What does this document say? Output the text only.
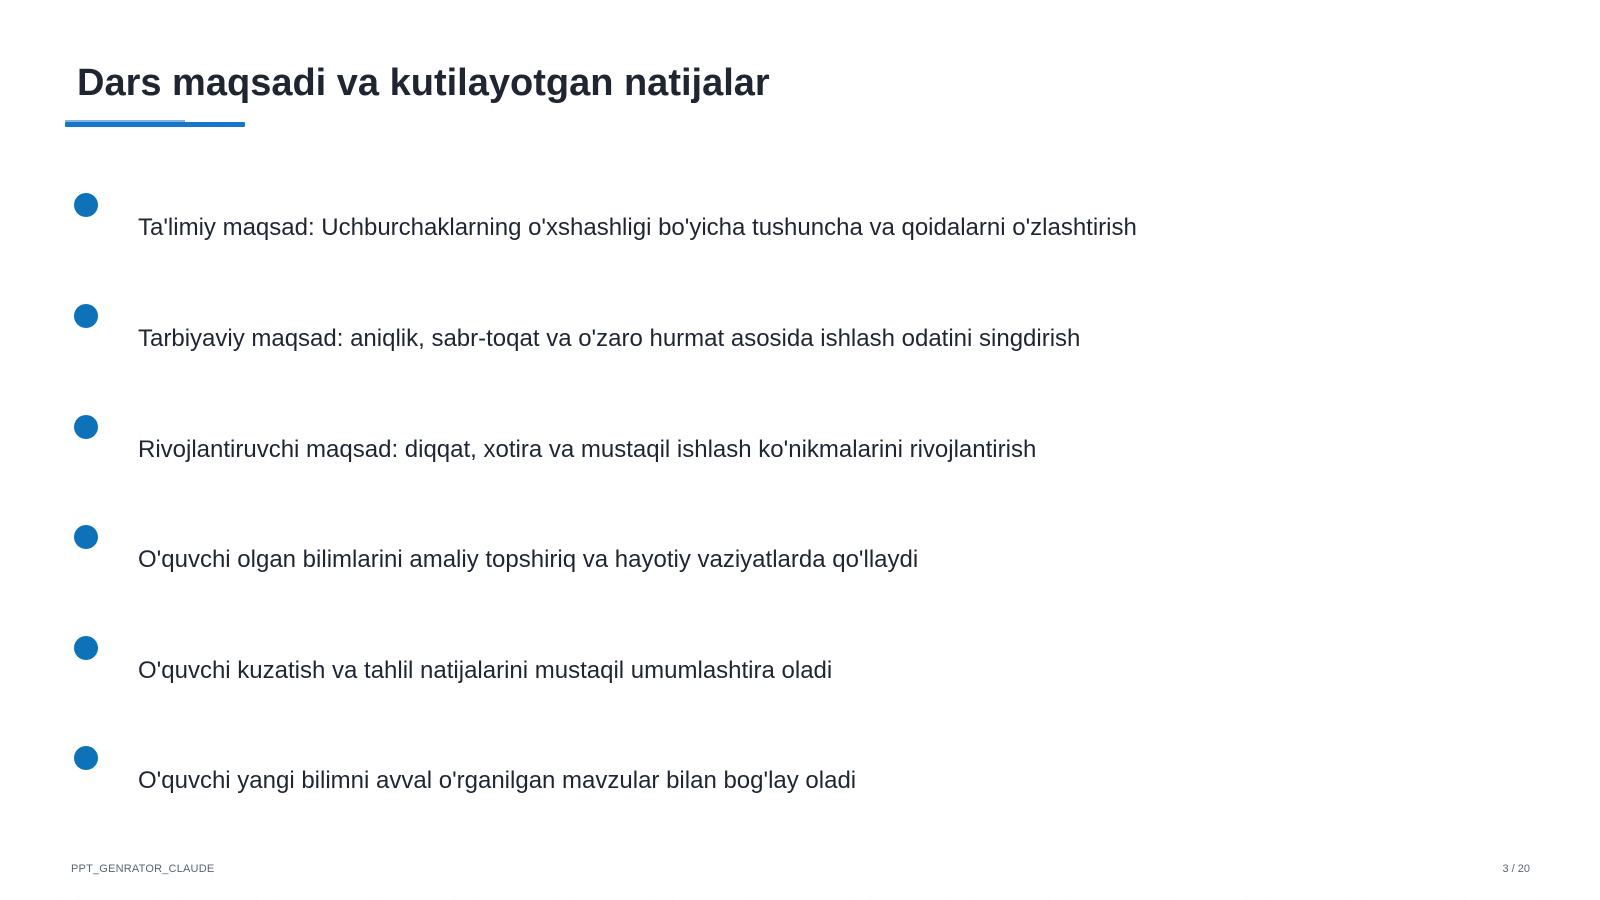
Dars maqsadi va kutilayotgan natijalar
Ta'limiy maqsad: Uchburchaklarning o'xshashligi bo'yicha tushuncha va qoidalarni o'zlashtirish
Tarbiyaviy maqsad: aniqlik, sabr-toqat va o'zaro hurmat asosida ishlash odatini singdirish
Rivojlantiruvchi maqsad: diqqat, xotira va mustaqil ishlash ko'nikmalarini rivojlantirish
O'quvchi olgan bilimlarini amaliy topshiriq va hayotiy vaziyatlarda qo'llaydi
O'quvchi kuzatish va tahlil natijalarini mustaqil umumlashtira oladi
O'quvchi yangi bilimni avval o'rganilgan mavzular bilan bog'lay oladi
PPT_GENRATOR_CLAUDE	3 / 20
